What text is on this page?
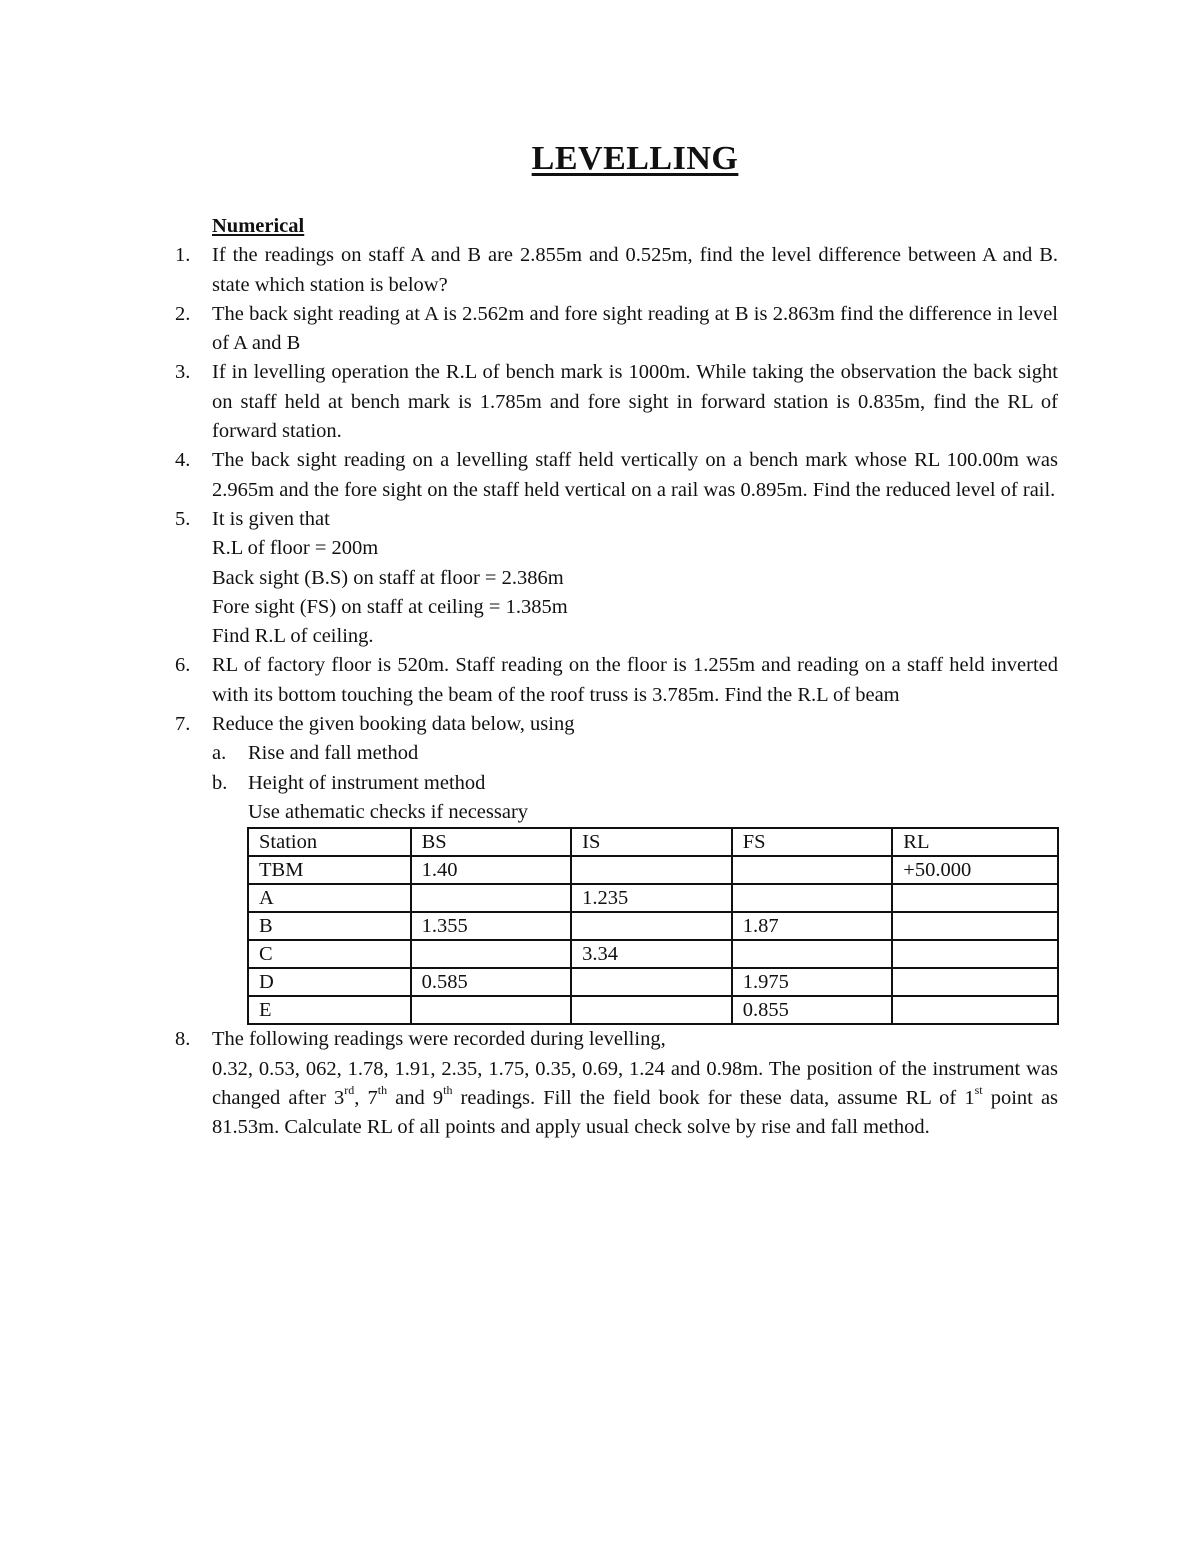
LEVELLING
Numerical
1. If the readings on staff A and B are 2.855m and 0.525m, find the level difference between A and B. state which station is below?
2. The back sight reading at A is 2.562m and fore sight reading at B is 2.863m find the difference in level of A and B
3. If in levelling operation the R.L of bench mark is 1000m. While taking the observation the back sight on staff held at bench mark is 1.785m and fore sight in forward station is 0.835m, find the RL of forward station.
4. The back sight reading on a levelling staff held vertically on a bench mark whose RL 100.00m was 2.965m and the fore sight on the staff held vertical on a rail was 0.895m. Find the reduced level of rail.
5. It is given that
R.L of floor = 200m
Back sight (B.S) on staff at floor = 2.386m
Fore sight (FS) on staff at ceiling = 1.385m
Find R.L of ceiling.
6. RL of factory floor is 520m. Staff reading on the floor is 1.255m and reading on a staff held inverted with its bottom touching the beam of the roof truss is 3.785m. Find the R.L of beam
7. Reduce the given booking data below, using
a. Rise and fall method
b. Height of instrument method
Use athematic checks if necessary
Station	BS	IS	FS	RL
TBM	1.40			+50.000
A		1.235		
B	1.355		1.87	
C		3.34		
D	0.585		1.975	
E			0.855	
8. The following readings were recorded during levelling,
0.32, 0.53, 062, 1.78, 1.91, 2.35, 1.75, 0.35, 0.69, 1.24 and 0.98m. The position of the instrument was changed after 3rd, 7th and 9th readings. Fill the field book for these data, assume RL of 1st point as 81.53m. Calculate RL of all points and apply usual check solve by rise and fall method.
